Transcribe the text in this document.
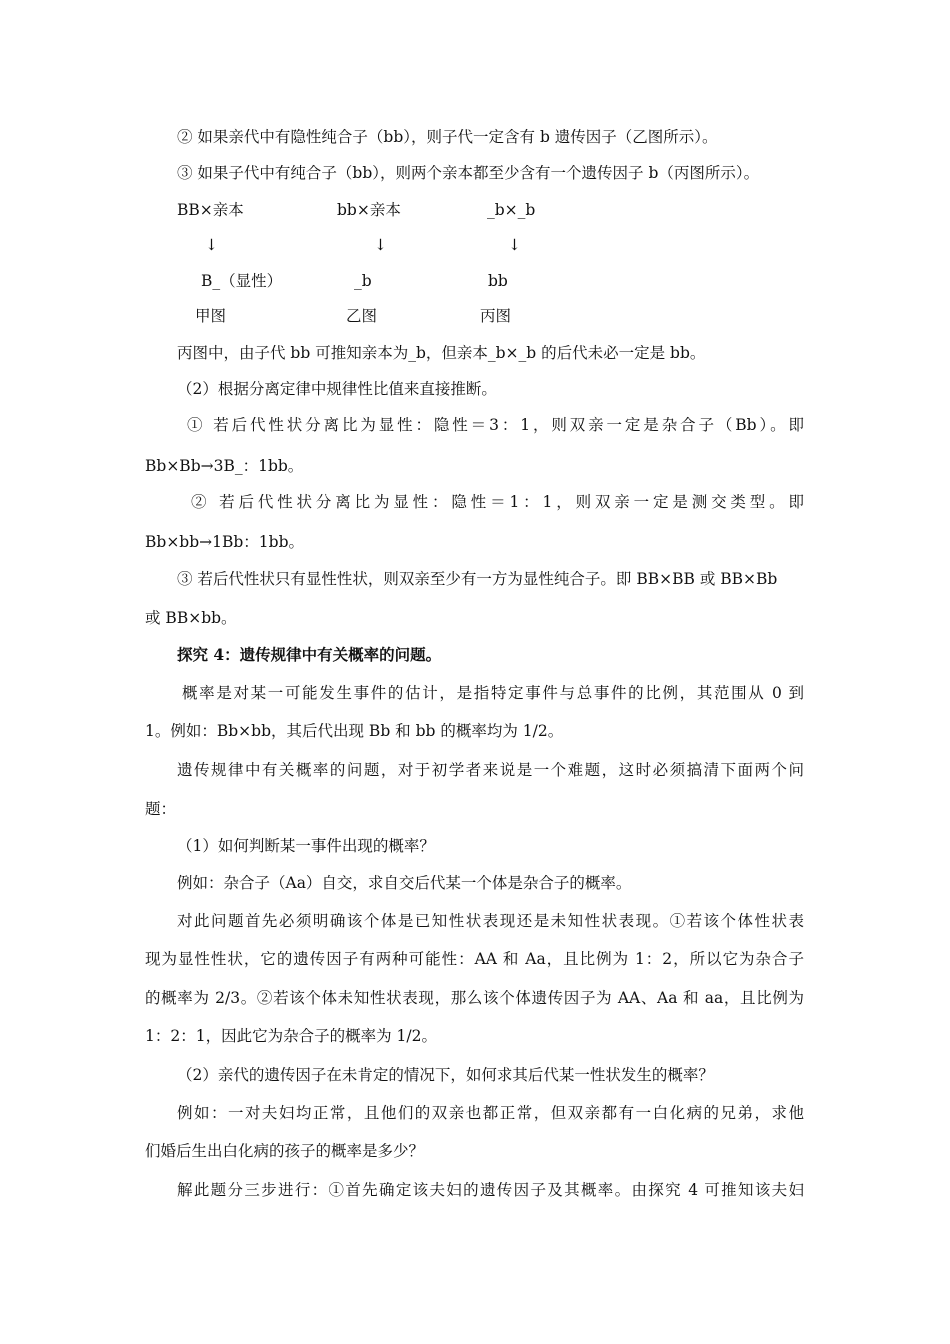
② 如果亲代中有隐性纯合子（bb），则子代一定含有 b 遗传因子（乙图所示）。
③ 如果子代中有纯合子（bb），则两个亲本都至少含有一个遗传因子 b（丙图所示）。
BB×亲本	bb×亲本	_b×_b
↓	↓	↓
B_（显性）	_b	bb
甲图	乙图	丙图
丙图中，由子代 bb 可推知亲本为_b，但亲本_b×_b 的后代未必一定是 bb。
（2）根据分离定律中规律性比值来直接推断。
① 若后代性状分离比为显性：隐性＝3：1，则双亲一定是杂合子（Bb）。即
Bb×Bb→3B_：1bb。
② 若后代性状分离比为显性：隐性＝1：1，则双亲一定是测交类型。即
Bb×bb→1Bb：1bb。
③ 若后代性状只有显性性状，则双亲至少有一方为显性纯合子。即 BB×BB 或 BB×Bb
或 BB×bb。
探究 4：遗传规律中有关概率的问题。
概率是对某一可能发生事件的估计，是指特定事件与总事件的比例，其范围从 0 到
1。例如：Bb×bb，其后代出现 Bb 和 bb 的概率均为 1/2。
遗传规律中有关概率的问题，对于初学者来说是一个难题，这时必须搞清下面两个问
题：
（1）如何判断某一事件出现的概率？
例如：杂合子（Aa）自交，求自交后代某一个体是杂合子的概率。
对此问题首先必须明确该个体是已知性状表现还是未知性状表现。①若该个体性状表
现为显性性状，它的遗传因子有两种可能性：AA 和 Aa，且比例为 1：2，所以它为杂合子
的概率为 2/3。②若该个体未知性状表现，那么该个体遗传因子为 AA、Aa 和 aa，且比例为
1：2：1，因此它为杂合子的概率为 1/2。
（2）亲代的遗传因子在未肯定的情况下，如何求其后代某一性状发生的概率？
例如：一对夫妇均正常，且他们的双亲也都正常，但双亲都有一白化病的兄弟，求他
们婚后生出白化病的孩子的概率是多少？
解此题分三步进行：①首先确定该夫妇的遗传因子及其概率。由探究 4 可推知该夫妇
